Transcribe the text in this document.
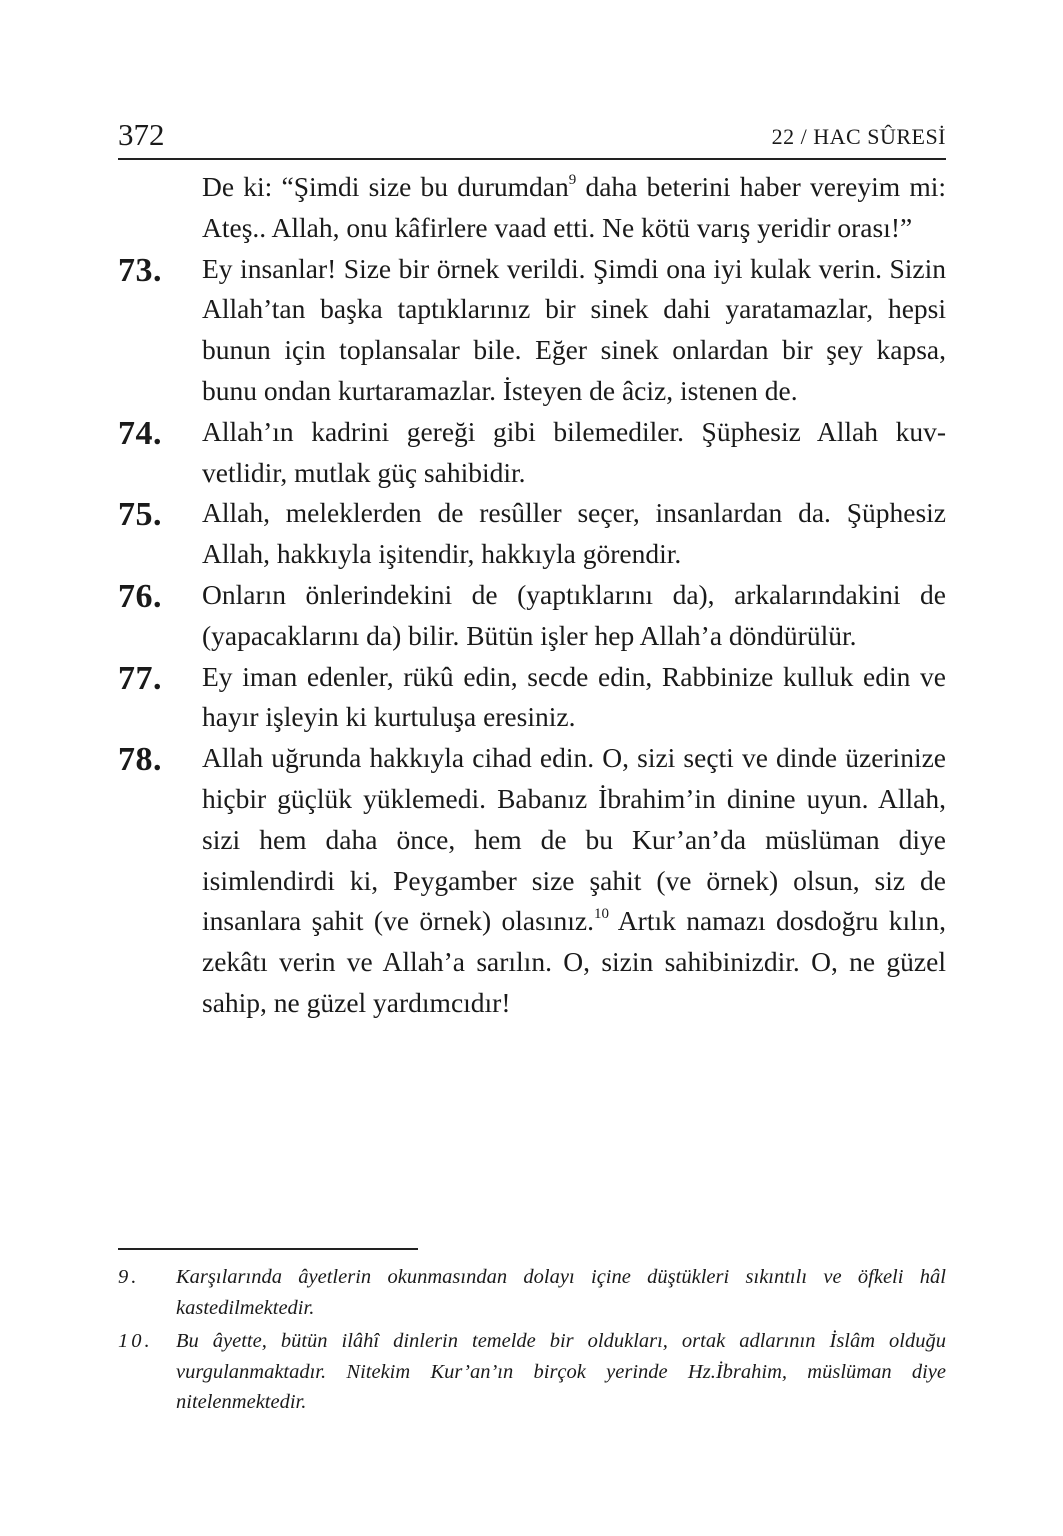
372	22 / HAC SÛRESİ
De ki: “Şimdi size bu durumdan$^9$ daha beterini haber vereyim mi: Ateş.. Allah, onu kâfirlere vaad etti. Ne kötü varış yeridir orası!”
73. Ey insanlar! Size bir örnek verildi. Şimdi ona iyi kulak verin. Sizin Allah’tan başka taptıklarınız bir sinek dahi yaratamazlar, hepsi bunun için toplansalar bile. Eğer sinek onlardan bir şey kapsa, bunu ondan kurtaramazlar. İsteyen de âciz, istenen de.
74. Allah’ın kadrini gereği gibi bilemediler. Şüphesiz Allah kuvvetlidir, mutlak güç sahibidir.
75. Allah, meleklerden de resûller seçer, insanlardan da. Şüphesiz Allah, hakkıyla işitendir, hakkıyla görendir.
76. Onların önlerindekini de (yaptıklarını da), arkalarındakini de (yapacaklarını da) bilir. Bütün işler hep Allah’a döndürülür.
77. Ey iman edenler, rükû edin, secde edin, Rabbinize kulluk edin ve hayır işleyin ki kurtuluşa eresiniz.
78. Allah uğrunda hakkıyla cihad edin. O, sizi seçti ve dinde üzerinize hiçbir güçlük yüklemedi. Babanız İbrahim’in dinine uyun. Allah, sizi hem daha önce, hem de bu Kur’an’da müslüman diye isimlendirdi ki, Peygamber size şahit (ve örnek) olsun, siz de insanlara şahit (ve örnek) olasınız.$^{10}$ Artık namazı dosdoğru kılın, zekâtı verin ve Allah’a sarılın. O, sizin sahibinizdir. O, ne güzel sahip, ne güzel yardımcıdır!
9. Karşılarında âyetlerin okunmasından dolayı içine düştükleri sıkıntılı ve öfkeli hâl kastedilmektedir.
10. Bu âyette, bütün ilâhî dinlerin temelde bir oldukları, ortak adlarının İslâm olduğu vurgulanmaktadır. Nitekim Kur’an’ın birçok yerinde Hz.İbrahim, müslüman diye nitelenmektedir.
